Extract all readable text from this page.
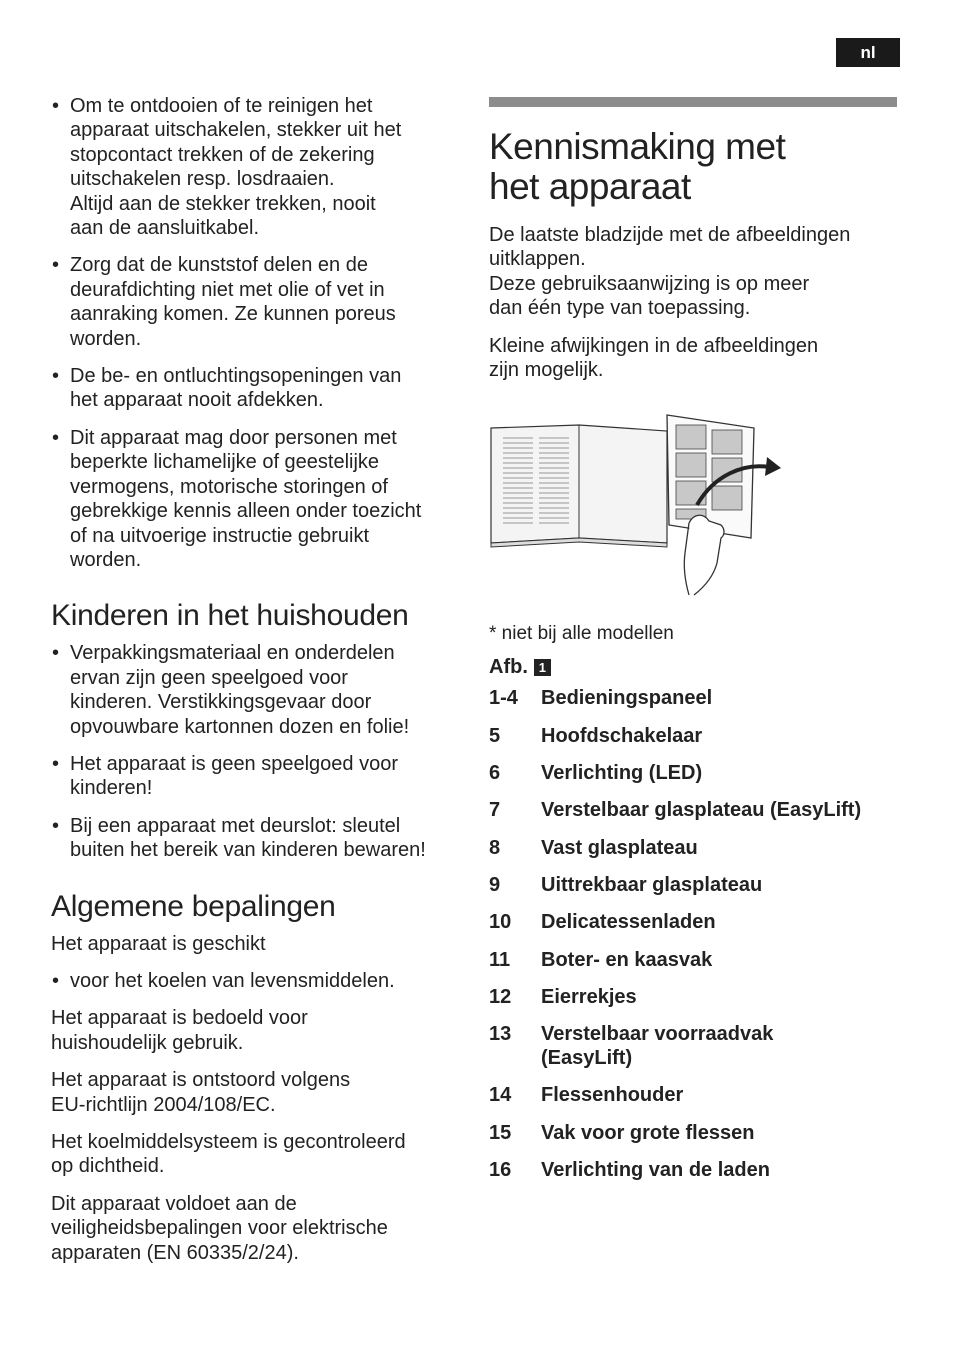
nl
• Om te ontdooien of te reinigen het
apparaat uitschakelen, stekker uit het
stopcontact trekken of de zekering
uitschakelen resp. losdraaien.
Altijd aan de stekker trekken, nooit
aan de aansluitkabel.
• Zorg dat de kunststof delen en de
deurafdichting niet met olie of vet in
aanraking komen. Ze kunnen poreus
worden.
• De be- en ontluchtingsopeningen van
het apparaat nooit afdekken.
• Dit apparaat mag door personen met
beperkte lichamelijke of geestelijke
vermogens, motorische storingen of
gebrekkige kennis alleen onder toezicht
of na uitvoerige instructie gebruikt
worden.
Kinderen in het huishouden
• Verpakkingsmateriaal en onderdelen
ervan zijn geen speelgoed voor
kinderen. Verstikkingsgevaar door
opvouwbare kartonnen dozen en folie!
• Het apparaat is geen speelgoed voor
kinderen!
• Bij een apparaat met deurslot: sleutel
buiten het bereik van kinderen bewaren!
Algemene bepalingen

Het apparaat is geschikt

• voor het koelen van levensmiddelen.

Het apparaat is bedoeld voor
huishoudelijk gebruik.

Het apparaat is ontstoord volgens
EU-richtlijn 2004/108/EC.

Het koelmiddelsysteem is gecontroleerd
op dichtheid.

Dit apparaat voldoet aan de
veiligheidsbepalingen voor elektrische
apparaten (EN 60335/2/24).

Kennismaking met
het apparaat

De laatste bladzijde met de afbeeldingen
uitklappen.
Deze gebruiksaanwijzing is op meer
dan één type van toepassing.

Kleine afwijkingen in de afbeeldingen
zijn mogelijk.

* niet bij alle modellen

Afb. 1
1-4	Bedieningspaneel
5	Hoofdschakelaar
6	Verlichting (LED)
7	Verstelbaar glasplateau (EasyLift)
8	Vast glasplateau
9	Uittrekbaar glasplateau
10	Delicatessenladen
11	Boter- en kaasvak
12	Eierrekjes
13	Verstelbaar voorraadvak
(EasyLift)
14	Flessenhouder
15	Vak voor grote flessen
16	Verlichting van de laden
